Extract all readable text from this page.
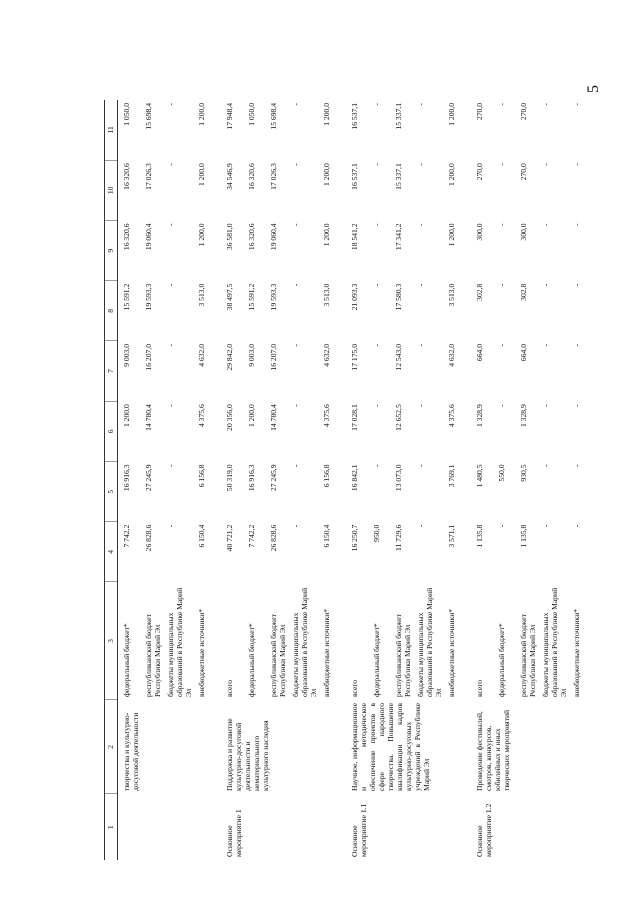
5
1	2	3	4	5	6	7	8	9	10	11
	творчества и культурно-досуговой деятельности	федеральный бюджет*	7 742,2	16 916,3	1 200,0	9 003,0	15 591,2	16 320,6	16 320,6	1 050,0
		республиканский бюджет Республики Марий Эл	26 828,6	27 245,9	14 780,4	16 207,0	19 593,3	19 060,4	17 026,3	15 698,4
		бюджеты муниципальных образований в Республике Марий Эл	-	-	-	-	-	-	-	-
		внебюджетные источники*	6 150,4	6 156,8	4 375,6	4 632,0	3 513,0	1 200,0	1 200,0	1 200,0

Основное мероприятие 1	Поддержка и развитие культурно-досуговой деятельности и нематериального культурного наследия	всего	40 721,2	50 319,0	20 356,0	29 842,0	38 497,5	36 581,0	34 546,9	17 948,4
		федеральный бюджет*	7 742,2	16 916,3	1 200,0	9 003,0	15 591,2	16 320,6	16 320,6	1 050,0
		республиканский бюджет Республики Марий Эл	26 828,6	27 245,9	14 780,4	16 207,0	19 593,3	19 060,4	17 026,3	15 698,4
		бюджеты муниципальных образований в Республике Марий Эл	-	-	-	-	-	-	-	-
		внебюджетные источники*	6 150,4	6 156,8	4 375,6	4 632,0	3 513,0	1 200,0	1 200,0	1 200,0

Основное мероприятие 1.1	Научное, информационное и методическое обеспечение проектов в сфере народного творчества. Повышение квалификации кадров культурно-досуговых учреждений в Республике Марий Эл	всего	16 250,7	16 842,1	17 028,1	17 175,0	21 093,3	18 541,2	16 537,1	16 537,1
		федеральный бюджет*	950,0	-	-	-	-	-	-	-
		республиканский бюджет Республики Марий Эл	11 729,6	13 073,0	12 652,5	12 543,0	17 580,3	17 341,2	15 337,1	15 337,1
		бюджеты муниципальных образований в Республике Марий Эл	-	-	-	-	-	-	-	-
		внебюджетные источники*	3 571,1	3 769,1	4 375,6	4 632,0	3 513,0	1 200,0	1 200,0	1 200,0

Основное мероприятие 1.2	Проведение фестивалей, смотров, конкурсов, юбилейных и иных творческих мероприятий	всего	1 135,8	1 480,5	1 328,9	664,0	302,8	300,0	270,0	270,0
		федеральный бюджет*	-	550,0	-	-	-	-	-	-
		республиканский бюджет Республики Марий Эл	1 135,8	930,5	1 328,9	664,0	302,8	300,0	270,0	270,0
		бюджеты муниципальных образований в Республике Марий Эл	-	-	-	-	-	-	-	-
		внебюджетные источники*	-	-	-	-	-	-	-	-
